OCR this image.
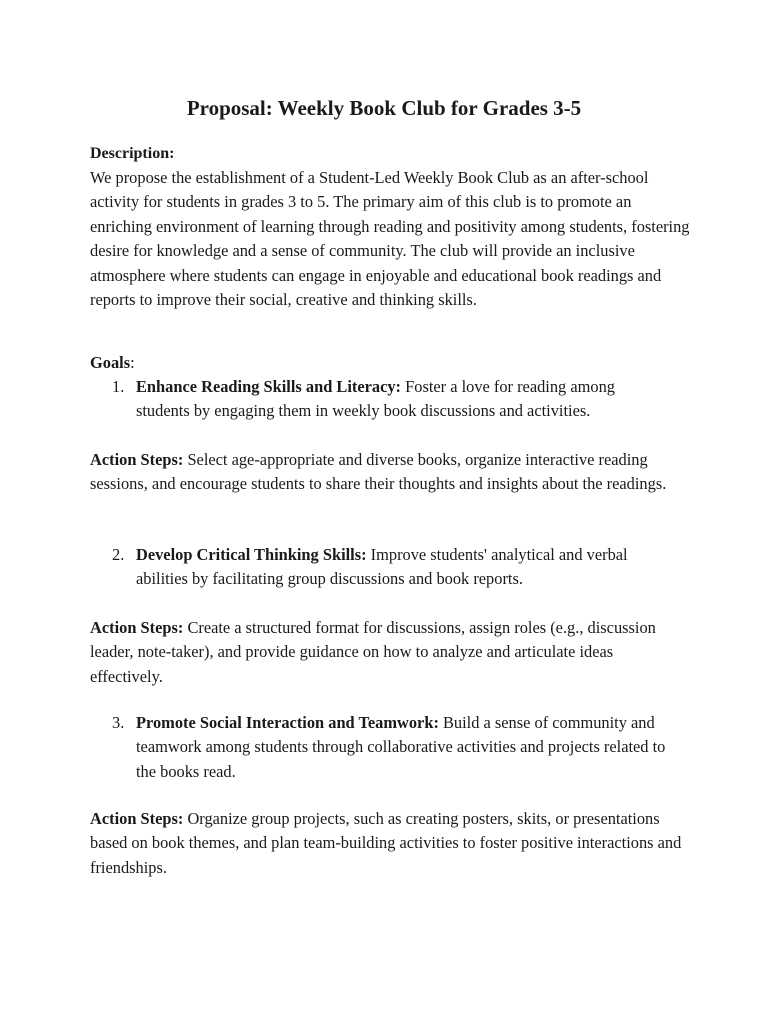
Proposal: Weekly Book Club for Grades 3-5

Description:

We propose the establishment of a Student-Led Weekly Book Club as an after-school activity for students in grades 3 to 5. The primary aim of this club is to promote an enriching environment of learning through reading and positivity among students, fostering desire for knowledge and a sense of community. The club will provide an inclusive atmosphere where students can engage in enjoyable and educational book readings and reports to improve their social, creative and thinking skills.

Goals:

1. Enhance Reading Skills and Literacy: Foster a love for reading among students by engaging them in weekly book discussions and activities.

Action Steps: Select age-appropriate and diverse books, organize interactive reading sessions, and encourage students to share their thoughts and insights about the readings.

2. Develop Critical Thinking Skills: Improve students' analytical and verbal abilities by facilitating group discussions and book reports.

Action Steps: Create a structured format for discussions, assign roles (e.g., discussion leader, note-taker), and provide guidance on how to analyze and articulate ideas effectively.

3. Promote Social Interaction and Teamwork: Build a sense of community and teamwork among students through collaborative activities and projects related to the books read.

Action Steps: Organize group projects, such as creating posters, skits, or presentations based on book themes, and plan team-building activities to foster positive interactions and friendships.
